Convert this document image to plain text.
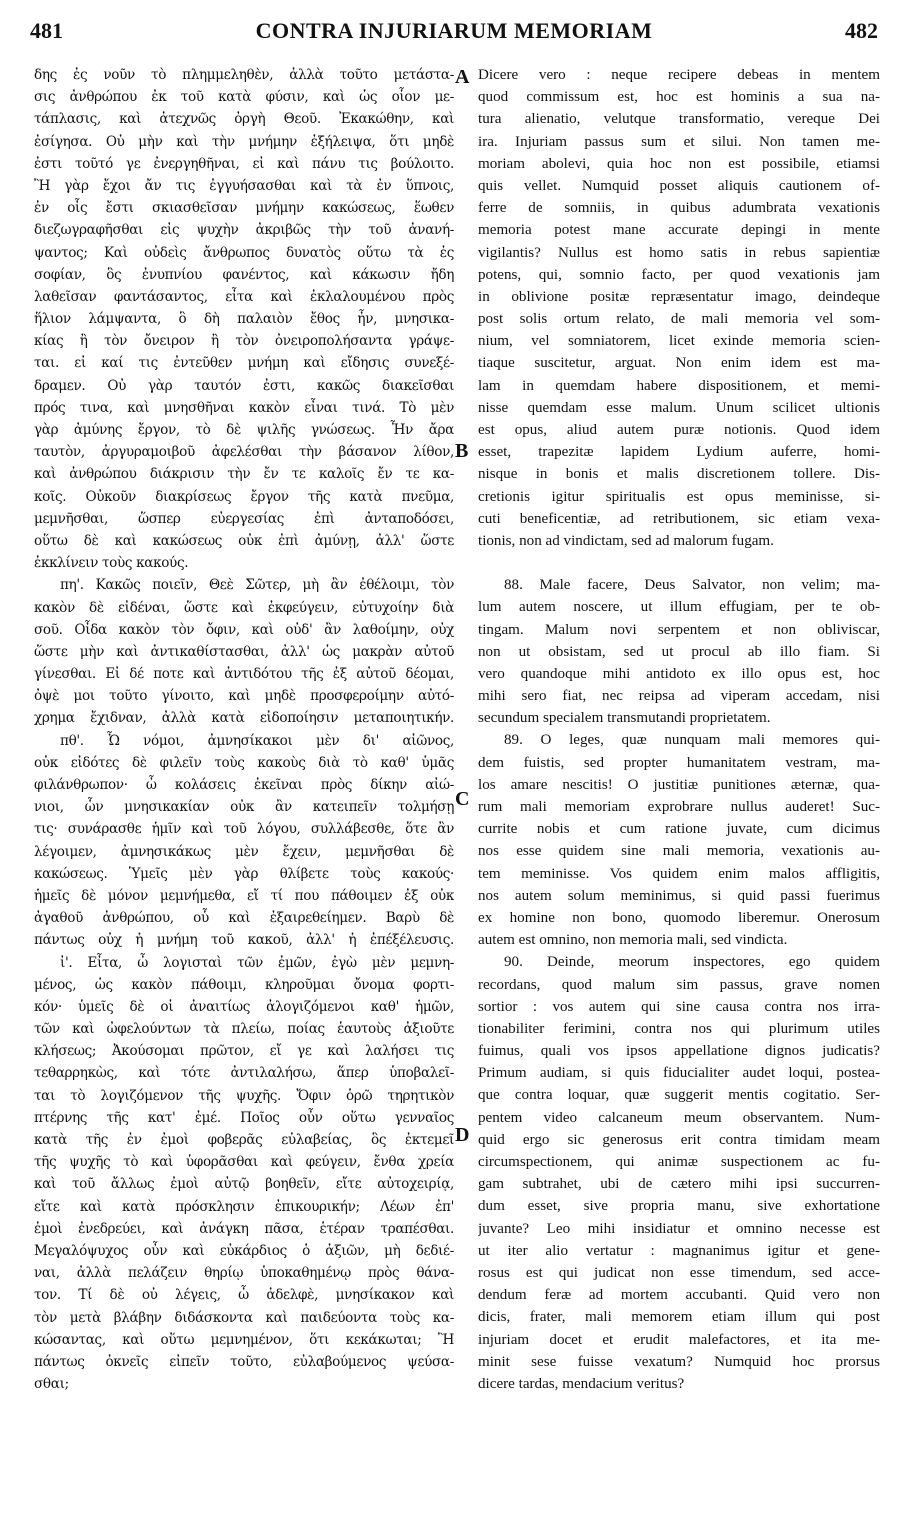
481	CONTRA INJURIARUM MEMORIAM	482
δης ἐς νοῦν τὸ πλημμεληθὲν, ἀλλὰ τοῦτο μετάστα-
σις ἀνθρώπου ἐκ τοῦ κατὰ φύσιν, καὶ ὡς οἷον με-
τάπλασις, καὶ ἀτεχνῶς ὀργὴ Θεοῦ. Ἐκακώθην, καὶ
ἐσίγησα. Οὐ μὴν καὶ τὴν μνήμην ἐξήλειψα, ὅτι μηδὲ
ἐστι τοῦτό γε ἐνεργηθῆναι, εἰ καὶ πάνυ τις βούλοιτο.
Ἢ γὰρ ἔχοι ἄν τις ἐγγυήσασθαι καὶ τὰ ἐν ὕπνοις,
ἐν οἷς ἔστι σκιασθεῖσαν μνήμην κακώσεως, ἕωθεν
διεζωγραφῆσθαι εἰς ψυχὴν ἀκριβῶς τὴν τοῦ ἀνανή-
ψαντος; Καὶ οὐδεὶς ἄνθρωπος δυνατὸς οὕτω τὰ ἐς
σοφίαν, ὃς ἐνυπνίου φανέντος, καὶ κάκωσιν ἤδη
λαθεῖσαν φαντάσαντος, εἶτα καὶ ἐκλαλουμένου πρὸς
ἥλιον λάμψαντα, ὃ δὴ παλαιὸν ἔθος ἦν, μνησικα-
κίας ἢ τὸν ὄνειρον ἢ τὸν ὀνειροπολήσαντα γράψε-
ται. εἰ καί τις ἐντεῦθεν μνήμη καὶ εἴδησις συνεξέ-
δραμεν. Οὐ γὰρ ταυτόν ἐστι, κακῶς διακεῖσθαι
πρός τινα, καὶ μνησθῆναι κακὸν εἶναι τινά. Τὸ μὲν
γὰρ ἀμύνης ἔργον, τὸ δὲ ψιλῆς γνώσεως. Ἦν ἄρα
ταυτὸν, ἀργυραμοιβοῦ ἀφελέσθαι τὴν βάσανον λίθον,
καὶ ἀνθρώπου διάκρισιν τὴν ἔν τε καλοῖς ἔν τε κα-
κοῖς. Οὐκοῦν διακρίσεως ἔργον τῆς κατὰ πνεῦμα,
μεμνῆσθαι, ὥσπερ εὐεργεσίας ἐπὶ ἀνταποδόσει,
οὕτω δὲ καὶ κακώσεως οὐκ ἐπὶ ἀμύνῃ, ἀλλ' ὥστε
ἐκκλίνειν τοὺς κακούς.
πη'. Κακῶς ποιεῖν, Θεὲ Σῶτερ, μὴ ἂν ἐθέλοιμι, τὸν
κακὸν δὲ εἰδέναι, ὥστε καὶ ἐκφεύγειν, εὐτυχοίην διὰ
σοῦ. Οἶδα κακὸν τὸν ὄφιν, καὶ οὐδ' ἂν λαθοίμην, οὐχ
ὥστε μὴν καὶ ἀντικαθίστασθαι, ἀλλ' ὡς μακρὰν αὐτοῦ
γίνεσθαι. Εἰ δέ ποτε καὶ ἀντιδότου τῆς ἐξ αὐτοῦ δέομαι,
ὀψὲ μοι τοῦτο γίνοιτο, καὶ μηδὲ προσφεροίμην αὐτό-
χρημα ἔχιδναν, ἀλλὰ κατὰ εἰδοποίησιν μεταποιητικήν.
πθ'. Ὦ νόμοι, ἀμνησίκακοι μὲν δι' αἰῶνος,
οὐκ εἰδότες δὲ φιλεῖν τοὺς κακοὺς διὰ τὸ καθ' ὑμᾶς
φιλάνθρωπον· ὦ κολάσεις ἐκεῖναι πρὸς δίκην αἰώ-
νιοι, ὧν μνησικακίαν οὐκ ἂν κατειπεῖν τολμήσῃ
τις· συνάρασθε ἡμῖν καὶ τοῦ λόγου, συλλάβεσθε, ὅτε ἂν
λέγοιμεν, ἀμνησικάκως μὲν ἔχειν, μεμνῆσθαι δὲ
κακώσεως. Ὑμεῖς μὲν γὰρ θλίβετε τοὺς κακούς·
ἡμεῖς δὲ μόνον μεμνήμεθα, εἴ τί που πάθοιμεν ἐξ οὐκ
ἀγαθοῦ ἀνθρώπου, οὗ καὶ ἐξαιρεθείημεν. Βαρὺ δὲ
πάντως οὐχ ἡ μνήμη τοῦ κακοῦ, ἀλλ' ἡ ἐπέξέλευσις.
ἰ'. Εἶτα, ὦ λογισταὶ τῶν ἐμῶν, ἐγὼ μὲν μεμνη-
μένος, ὡς κακὸν πάθοιμι, κληροῦμαι ὄνομα φορτι-
κόν· ὑμεῖς δὲ οἱ ἀναιτίως ἀλογιζόμενοι καθ' ἡμῶν,
τῶν καὶ ὠφελούντων τὰ πλείω, ποίας ἑαυτοὺς ἀξιοῦτε
κλήσεως; Ἀκούσομαι πρῶτον, εἴ γε καὶ λαλήσει τις
τεθαρρηκὼς, καὶ τότε ἀντιλαλήσω, ἅπερ ὑποβαλεῖ-
ται τὸ λογιζόμενον τῆς ψυχῆς. Ὄφιν ὁρῶ τηρητικὸν
πτέρνης τῆς κατ' ἐμέ. Ποῖος οὖν οὕτω γενναῖος
κατὰ τῆς ἐν ἐμοὶ φοβερᾶς εὐλαβείας, ὃς ἐκτεμεῖ
τῆς ψυχῆς τὸ καὶ ὑφορᾶσθαι καὶ φεύγειν, ἔνθα χρεία
καὶ τοῦ ἄλλως ἐμοὶ αὐτῷ βοηθεῖν, εἴτε αὐτοχειρίᾳ,
εἴτε καὶ κατὰ πρόσκλησιν ἐπικουρικήν; Λέων ἐπ'
ἐμοὶ ἐνεδρεύει, καὶ ἀνάγκη πᾶσα, ἑτέραν τραπέσθαι.
Μεγαλόψυχος οὖν καὶ εὐκάρδιος ὁ ἀξιῶν, μὴ δεδιέ-
ναι, ἀλλὰ πελάζειν θηρίῳ ὑποκαθημένῳ πρὸς θάνα-
τον. Τί δὲ οὐ λέγεις, ὦ ἀδελφὲ, μνησίκακον καὶ
τὸν μετὰ βλάβην διδάσκοντα καὶ παιδεύοντα τοὺς κα-
κώσαντας, καὶ οὕτω μεμνημένον, ὅτι κεκάκωται; Ἢ
πάντως ὀκνεῖς εἰπεῖν τοῦτο, εὐλαβούμενος ψεύσα-
σθαι;
Dicere vero : neque recipere debeas in mentem
quod commissum est, hoc est hominis a sua na-
tura alienatio, velutque transformatio, vereque Dei
ira. Injuriam passus sum et silui. Non tamen me-
moriam abolevi, quia hoc non est possibile, etiamsi
quis vellet. Numquid posset aliquis cautionem of-
ferre de somniis, in quibus adumbrata vexationis
memoria potest mane accurate depingi in mente
vigilantis? Nullus est homo satis in rebus sapientiæ
potens, qui, somnio facto, per quod vexationis jam
in oblivione positæ repræsentatur imago, deindeque
post solis ortum relato, de mali memoria vel som-
nium, vel somniatorem, licet exinde memoria scien-
tiaque suscitetur, arguat. Non enim idem est ma-
lam in quemdam habere dispositionem, et memi-
nisse quemdam esse malum. Unum scilicet ultionis
est opus, aliud autem puræ notionis. Quod idem
esset, trapezitæ lapidem Lydium auferre, homi-
nisque in bonis et malis discretionem tollere. Dis-
cretionis igitur spiritualis est opus meminisse, si-
cuti beneficentiæ, ad retributionem, sic etiam vexa-
tionis, non ad vindictam, sed ad malorum fugam.
88. Male facere, Deus Salvator, non velim; ma-
lum autem noscere, ut illum effugiam, per te ob-
tingam. Malum novi serpentem et non obliviscar,
non ut obsistam, sed ut procul ab illo fiam. Si
vero quandoque mihi antidoto ex illo opus est, hoc
mihi sero fiat, nec reipsa ad viperam accedam, nisi
secundum specialem transmutandi proprietatem.
89. O leges, quæ nunquam mali memores qui-
dem fuistis, sed propter humanitatem vestram, ma-
los amare nescitis! O justitiæ punitiones æternæ, qua-
rum mali memoriam exprobrare nullus auderet! Suc-
currite nobis et cum ratione juvate, cum dicimus
nos esse quidem sine mali memoria, vexationis au-
tem meminisse. Vos quidem enim malos affligitis,
nos autem solum meminimus, si quid passi fuerimus
ex homine non bono, quomodo liberemur. Onerosum
autem est omnino, non memoria mali, sed vindicta.
90. Deinde, meorum inspectores, ego quidem
recordans, quod malum sim passus, grave nomen
sortior : vos autem qui sine causa contra nos irra-
tionabiliter ferimini, contra nos qui plurimum utiles
fuimus, quali vos ipsos appellatione dignos judicatis?
Primum audiam, si quis fiducialiter audet loqui, postea-
que contra loquar, quæ suggerit mentis cogitatio. Ser-
pentem video calcaneum meum observantem. Num-
quid ergo sic generosus erit contra timidam meam
circumspectionem, qui animæ suspectionem ac fu-
gam subtrahet, ubi de cætero mihi ipsi succurren-
dum esset, sive propria manu, sive exhortatione
juvante? Leo mihi insidiatur et omnino necesse est
ut iter alio vertatur : magnanimus igitur et gene-
rosus est qui judicat non esse timendum, sed acce-
dendum feræ ad mortem accubanti. Quid vero non
dicis, frater, mali memorem etiam illum qui post
injuriam docet et erudit malefactores, et ita me-
minit sese fuisse vexatum? Numquid hoc prorsus
dicere tardas, mendacium veritus?
A
B
C
D
